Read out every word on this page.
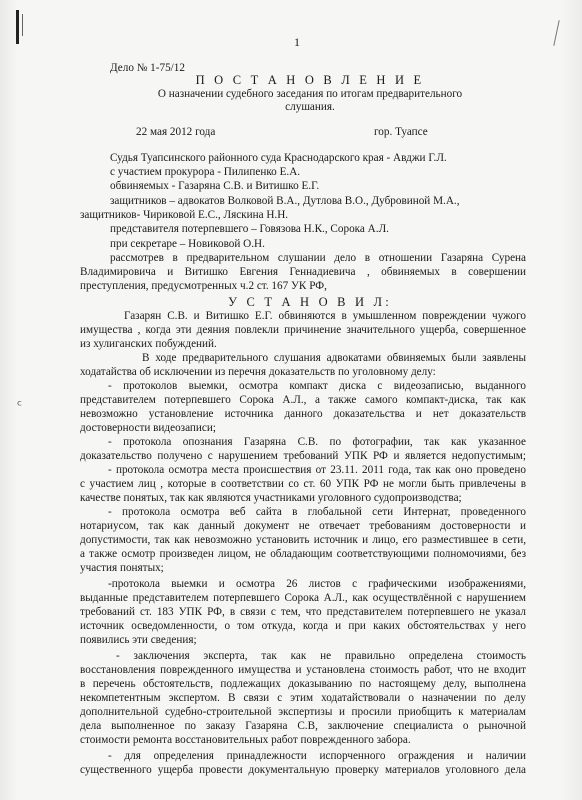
ᶜ
1
Дело № 1-75/12
П О С Т А Н О В Л Е Н И Е
О назначении судебного заседания по итогам предварительного
слушания.
22 мая 2012 года	гор. Туапсе
Судья Туапсинского районного суда Краснодарского края - Авджи Г.Л.
с участием прокурора - Пилипенко Е.А.
обвиняемых - Газаряна С.В. и Витишко Е.Г.
защитников – адвокатов Волковой В.А., Дутлова В.О., Дубровиной М.А.,
защитников- Чириковой Е.С., Ляскина Н.Н.
представителя потерпевшего – Говязова Н.К., Сорока А.Л.
при секретаре – Новиковой О.Н.
рассмотрев в предварительном слушании дело в отношении Газаряна Сурена
Владимировича и Витишко Евгения Геннадиевича , обвиняемых в совершении
преступления, предусмотренных ч.2 ст. 167 УК РФ,
У С Т А Н О В И Л:
Газарян С.В. и Витишко Е.Г. обвиняются в умышленном повреждении чужого
имущества , когда эти деяния повлекли причинение значительного ущерба, совершенное
из хулиганских побуждений.
В ходе предварительного слушания адвокатами обвиняемых были заявлены
ходатайства об исключении из перечня доказательств по уголовному делу:
- протоколов выемки, осмотра компакт диска с видеозаписью, выданного
представителем потерпевшего Сорока А.Л., а также самого компакт-диска, так как
невозможно установление источника данного доказательства и нет доказательств
достоверности видеозаписи;
- протокола опознания Газаряна С.В. по фотографии, так как указанное
доказательство получено с нарушением требований УПК РФ и является недопустимым;
- протокола осмотра места происшествия от 23.11. 2011 года, так как оно проведено
с участием лиц , которые в соответствии со ст. 60 УПК РФ не могли быть привлечены в
качестве понятых, так как являются участниками уголовного судопроизводства;
- протокола осмотра веб сайта в глобальной сети Интернат, проведенного
нотариусом, так как данный документ не отвечает требованиям достоверности и
допустимости, так как невозможно установить источник и лицо, его разместившее в сети,
а также осмотр произведен лицом, не обладающим соответствующими полномочиями, без
участия понятых;
-протокола выемки и осмотра 26 листов с графическими изображениями,
выданные представителем потерпевшего Сорока А.Л., как осуществлённой с нарушением
требований ст. 183 УПК РФ, в связи с тем, что представителем потерпевшего не указал
источник осведомленности, о том откуда, когда и при каких обстоятельствах у него
появились эти сведения;
- заключения эксперта, так как не правильно определена стоимость
восстановления поврежденного имущества и установлена стоимость работ, что не входит
в перечень обстоятельств, подлежащих доказыванию по настоящему делу, выполнена
некомпетентным экспертом. В связи с этим ходатайствовали о назначении по делу
дополнительной судебно-строительной экспертизы и просили приобщить к материалам
дела выполненное по заказу Газаряна С.В, заключение специалиста о рыночной
стоимости ремонта восстановительных работ поврежденного забора.
- для определения принадлежности испорченного ограждения и наличии
существенного ущерба провести документальную проверку материалов уголовного дела
